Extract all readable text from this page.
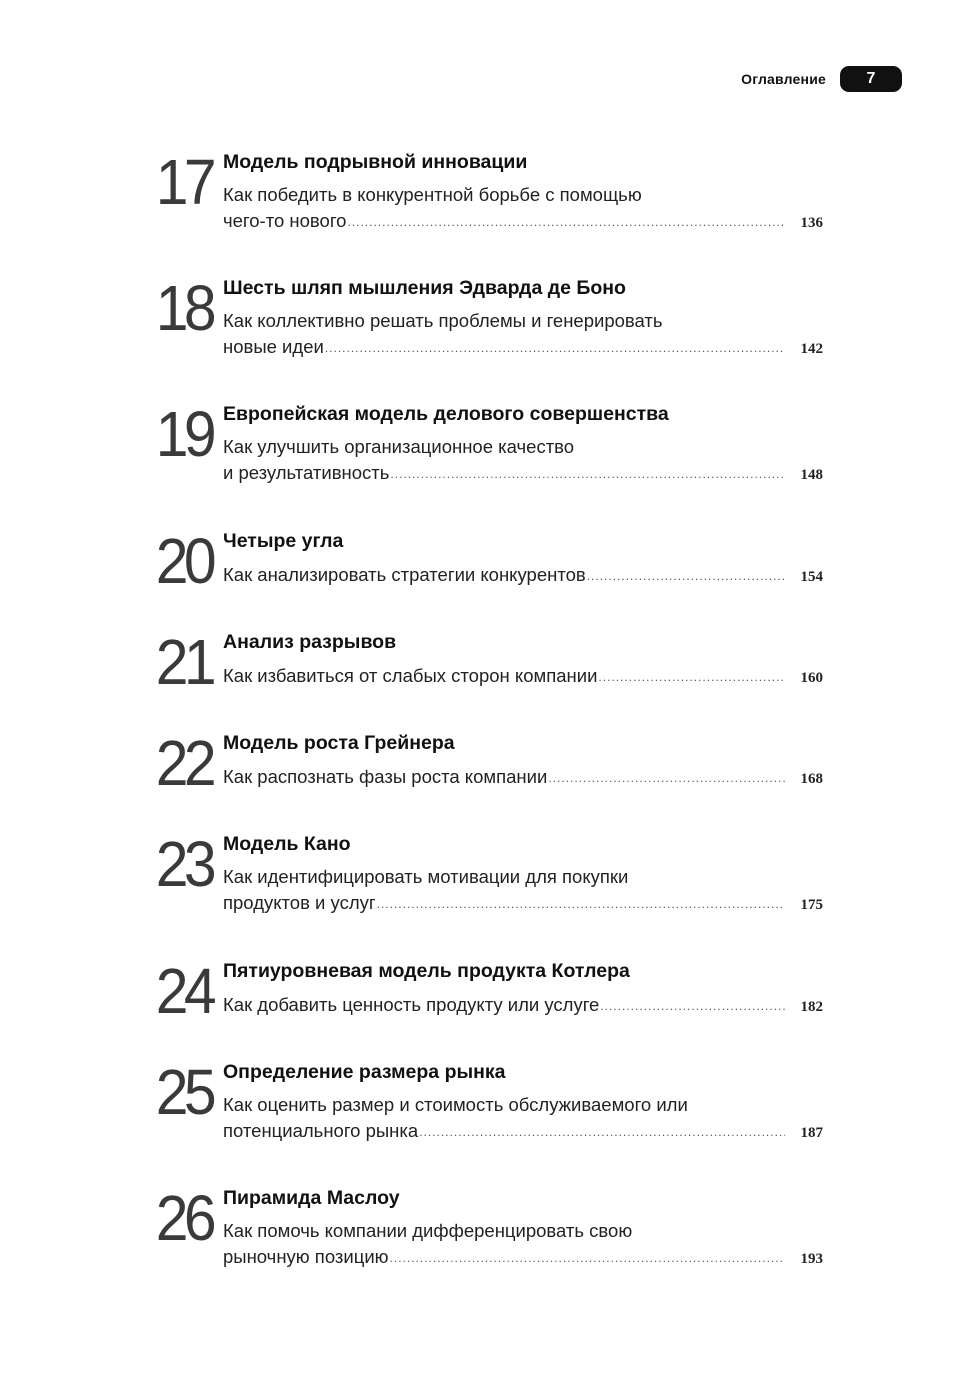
Оглавление	7
17 Модель подрывной инновации
Как победить в конкурентной борьбе с помощью
чего-то нового .....	136
18 Шесть шляп мышления Эдварда де Боно
Как коллективно решать проблемы и генерировать
новые идеи .....	142
19 Европейская модель делового совершенства
Как улучшить организационное качество
и результативность .....	148
20 Четыре угла
Как анализировать стратегии конкурентов .....	154
21 Анализ разрывов
Как избавиться от слабых сторон компании .....	160
22 Модель роста Грейнера
Как распознать фазы роста компании .....	168
23 Модель Кано
Как идентифицировать мотивации для покупки
продуктов и услуг .....	175
24 Пятиуровневая модель продукта Котлера
Как добавить ценность продукту или услуге .....	182
25 Определение размера рынка
Как оценить размер и стоимость обслуживаемого или
потенциального рынка .....	187
26 Пирамида Маслоу
Как помочь компании дифференцировать свою
рыночную позицию .....	193
